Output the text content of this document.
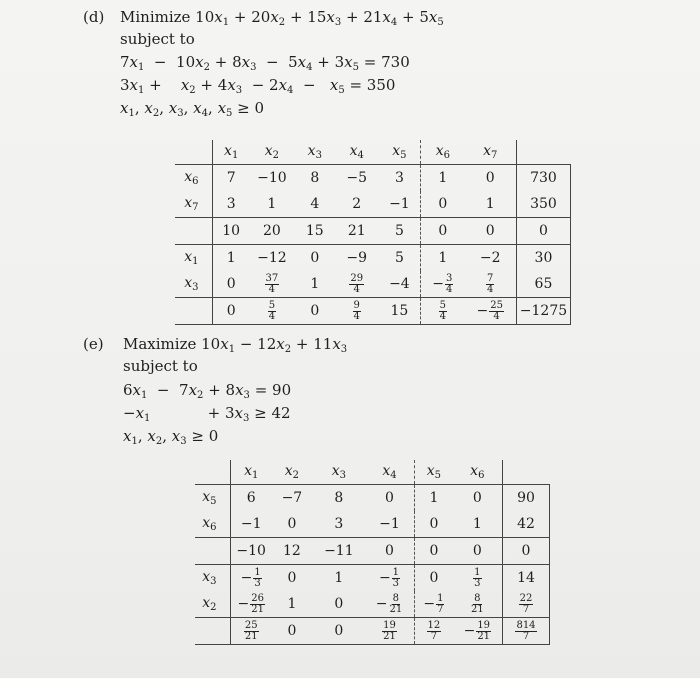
(d) Minimize $10x_1 + 20x_2 + 15x_3 + 21x_4 + 5x_5$
subject to
$7x_1 - 10x_2 + 8x_3 - 5x_4 + 3x_5 = 730$
$3x_1$ +    $x_2 + 4x_3 - 2x_4 - x_5 = 350$
$x_1$, $x_2$, $x_3$, $x_4$, $x_5 \ge 0$
	$x_1$	$x_2$	$x_3$	$x_4$	$x_5$	$x_6$	$x_7$	
$x_6$	7	−10	8	−5	3	1	0	730
$x_7$	3	1	4	2	−1	0	1	350
	10	20	15	21	5	0	0	0
$x_1$	1	−12	0	−9	5	1	−2	30
$x_3$	0	$\frac{37}{4}$	1	$\frac{29}{4}$	−4	− $\frac{3}{4}$	$\frac{7}{4}$	65
	0	$\frac{5}{4}$	0	$\frac{9}{4}$	15	$\frac{5}{4}$	− $\frac{25}{4}$	−1275
(e) Maximize $10x_1 - 12x_2 + 11x_3$
subject to
$6x_1 - 7x_2 + 8x_3 = 90$
$-x_1$            + $3x_3 \ge 42$
$x_1$, $x_2$, $x_3 \ge 0$
	$x_1$	$x_2$	$x_3$	$x_4$	$x_5$	$x_6$	
$x_5$	6	−7	8	0	1	0	90
$x_6$	−1	0	3	−1	0	1	42
	−10	12	−11	0	0	0	0
$x_3$	− $\frac{1}{3}$	0	1	− $\frac{1}{3}$	0	$\frac{1}{3}$	14
$x_2$	− $\frac{26}{21}$	1	0	− $\frac{8}{21}$	− $\frac{1}{7}$	$\frac{8}{21}$	$\frac{22}{7}$

	$\frac{25}{21}$	0	0	$\frac{19}{21}$	$\frac{12}{7}$	− $\frac{19}{21}$	$\frac{814}{7}$
